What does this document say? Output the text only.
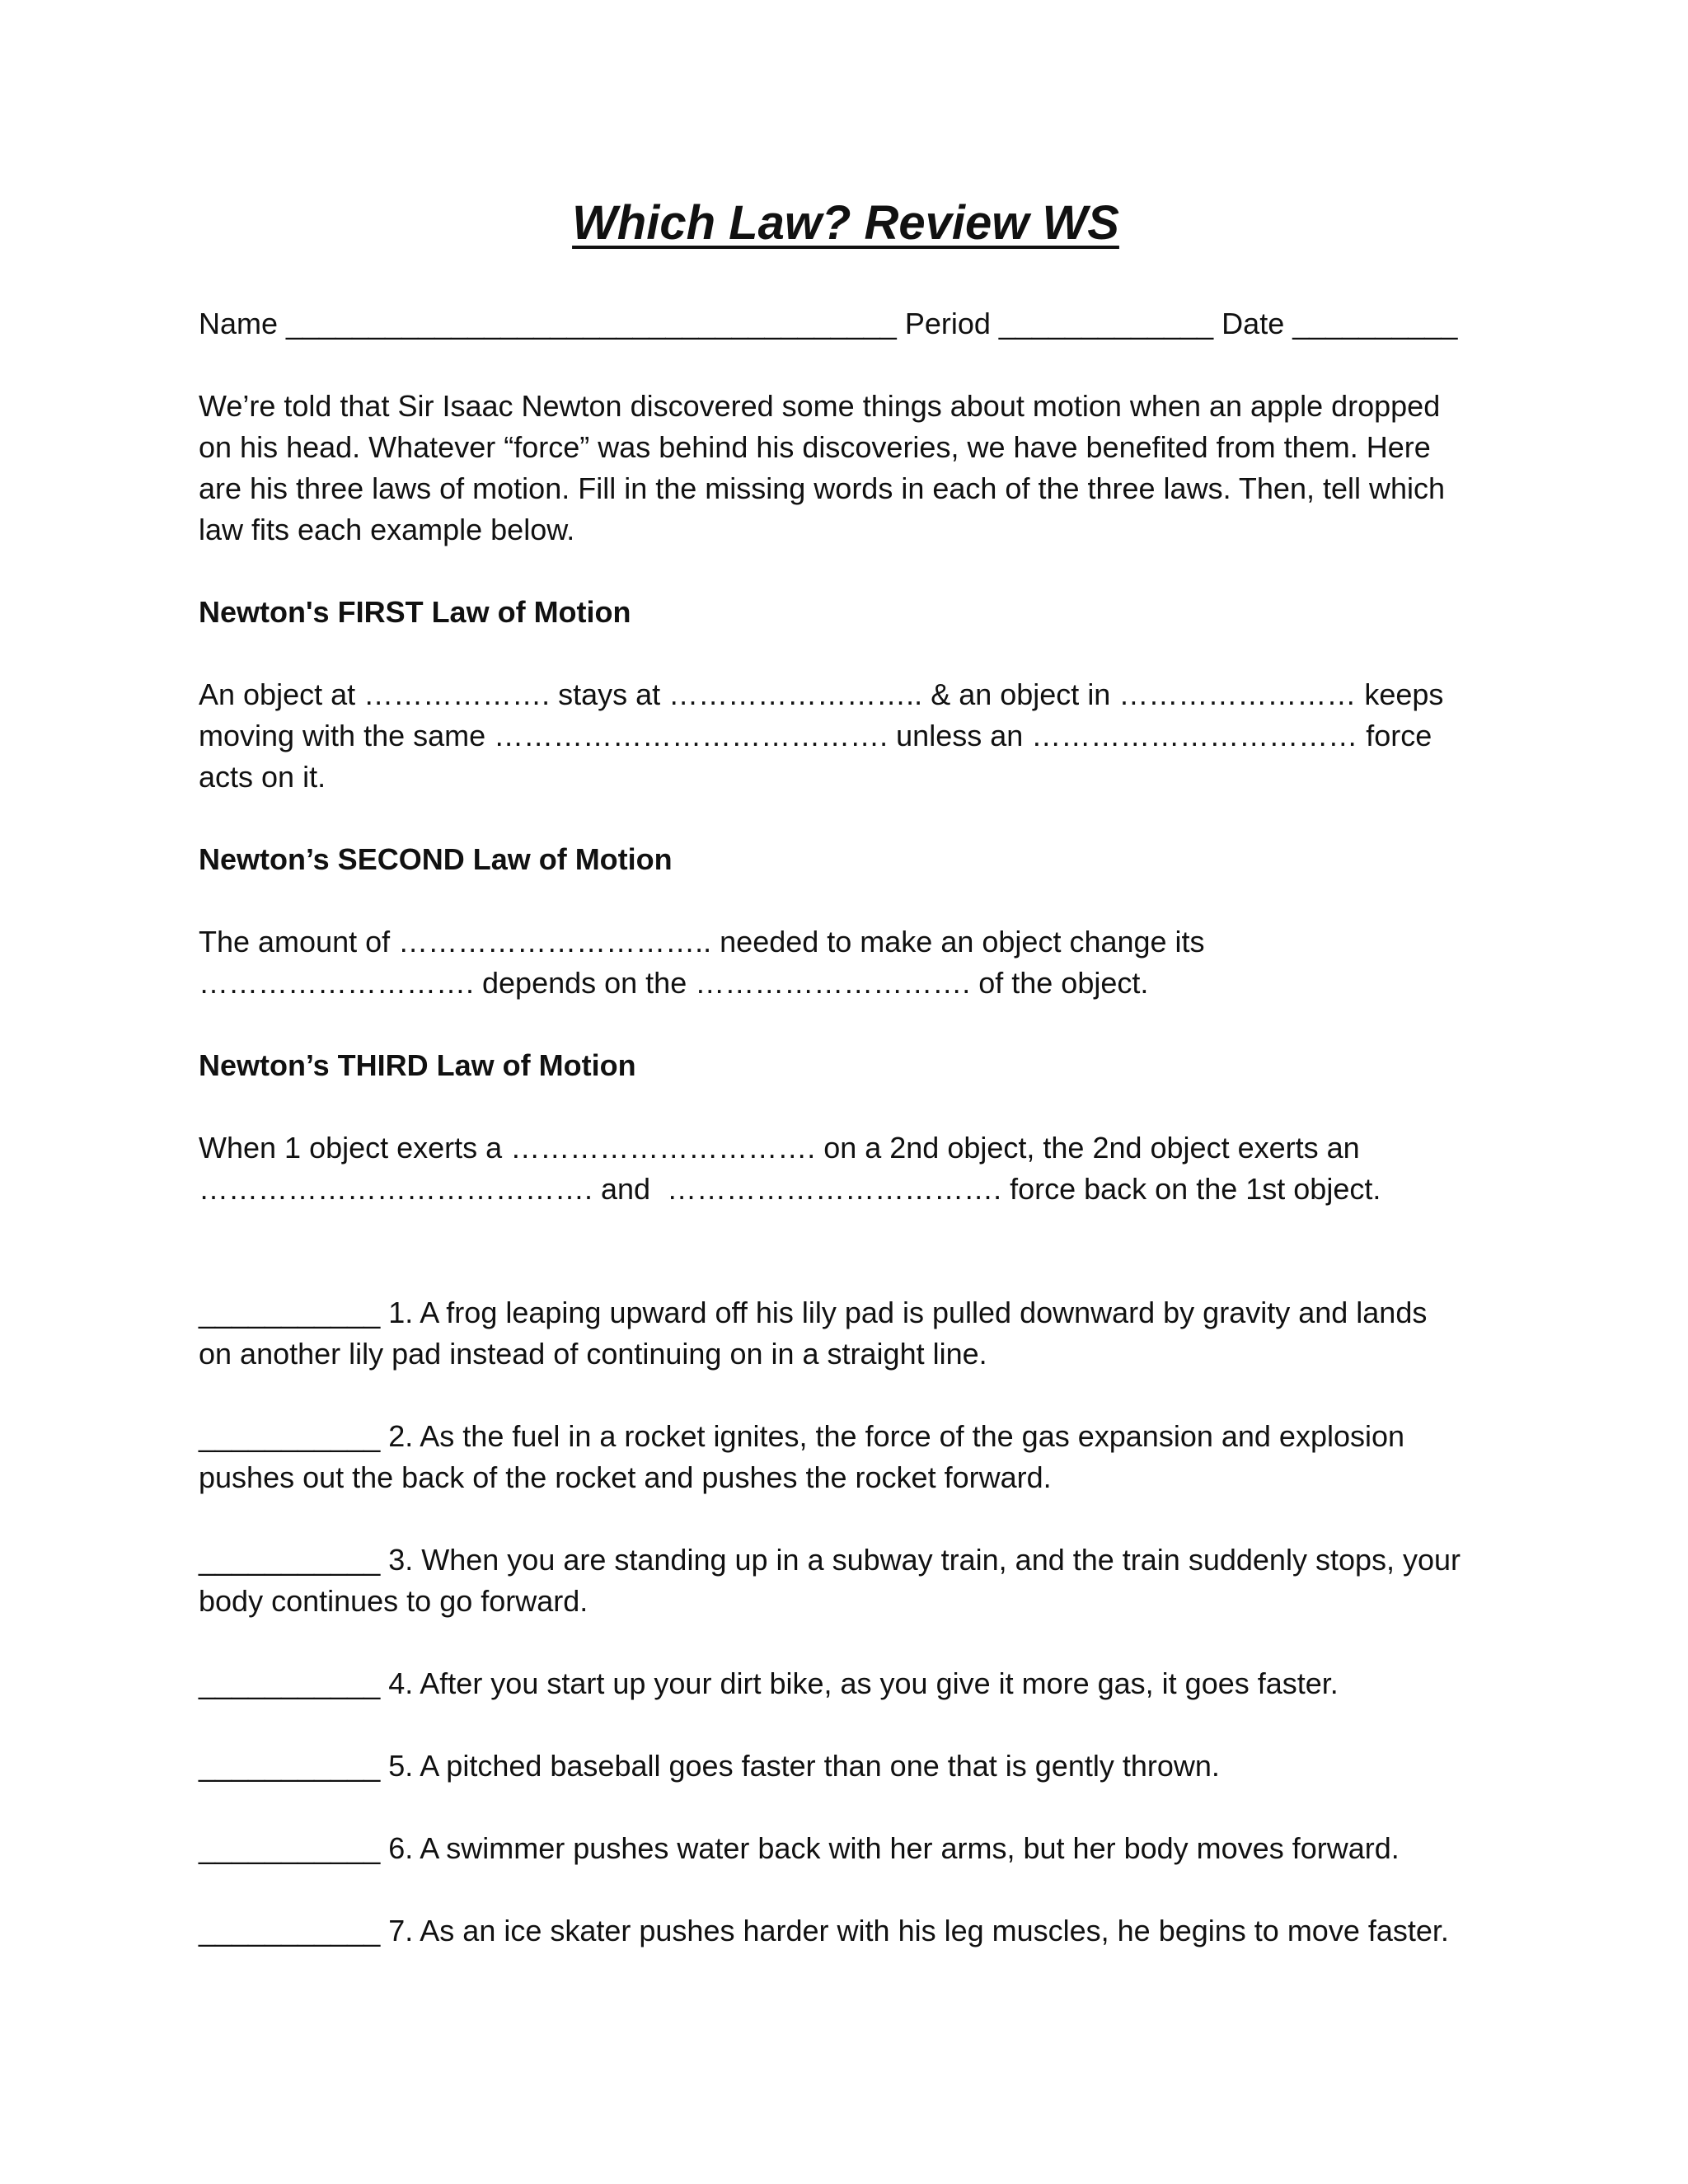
Which Law? Review WS
Name _____________________________________ Period _____________ Date __________
We’re told that Sir Isaac Newton discovered some things about motion when an apple dropped
on his head. Whatever “force” was behind his discoveries, we have benefited from them. Here
are his three laws of motion. Fill in the missing words in each of the three laws. Then, tell which
law fits each example below.
Newton's FIRST Law of Motion
An object at ………………. stays at …………………….. & an object in …………………… keeps
moving with the same …………………………………. unless an …………………………… force
acts on it.
Newton’s SECOND Law of Motion
The amount of ………………………….. needed to make an object change its
………………………. depends on the ………………………. of the object.
Newton’s THIRD Law of Motion
When 1 object exerts a …………………………. on a 2nd object, the 2nd object exerts an
…………………………………. and  ……………………………. force back on the 1st object.
___________ 1. A frog leaping upward off his lily pad is pulled downward by gravity and lands
on another lily pad instead of continuing on in a straight line.
___________ 2. As the fuel in a rocket ignites, the force of the gas expansion and explosion
pushes out the back of the rocket and pushes the rocket forward.
___________ 3. When you are standing up in a subway train, and the train suddenly stops, your
body continues to go forward.
___________ 4. After you start up your dirt bike, as you give it more gas, it goes faster.
___________ 5. A pitched baseball goes faster than one that is gently thrown.
___________ 6. A swimmer pushes water back with her arms, but her body moves forward.
___________ 7. As an ice skater pushes harder with his leg muscles, he begins to move faster.
